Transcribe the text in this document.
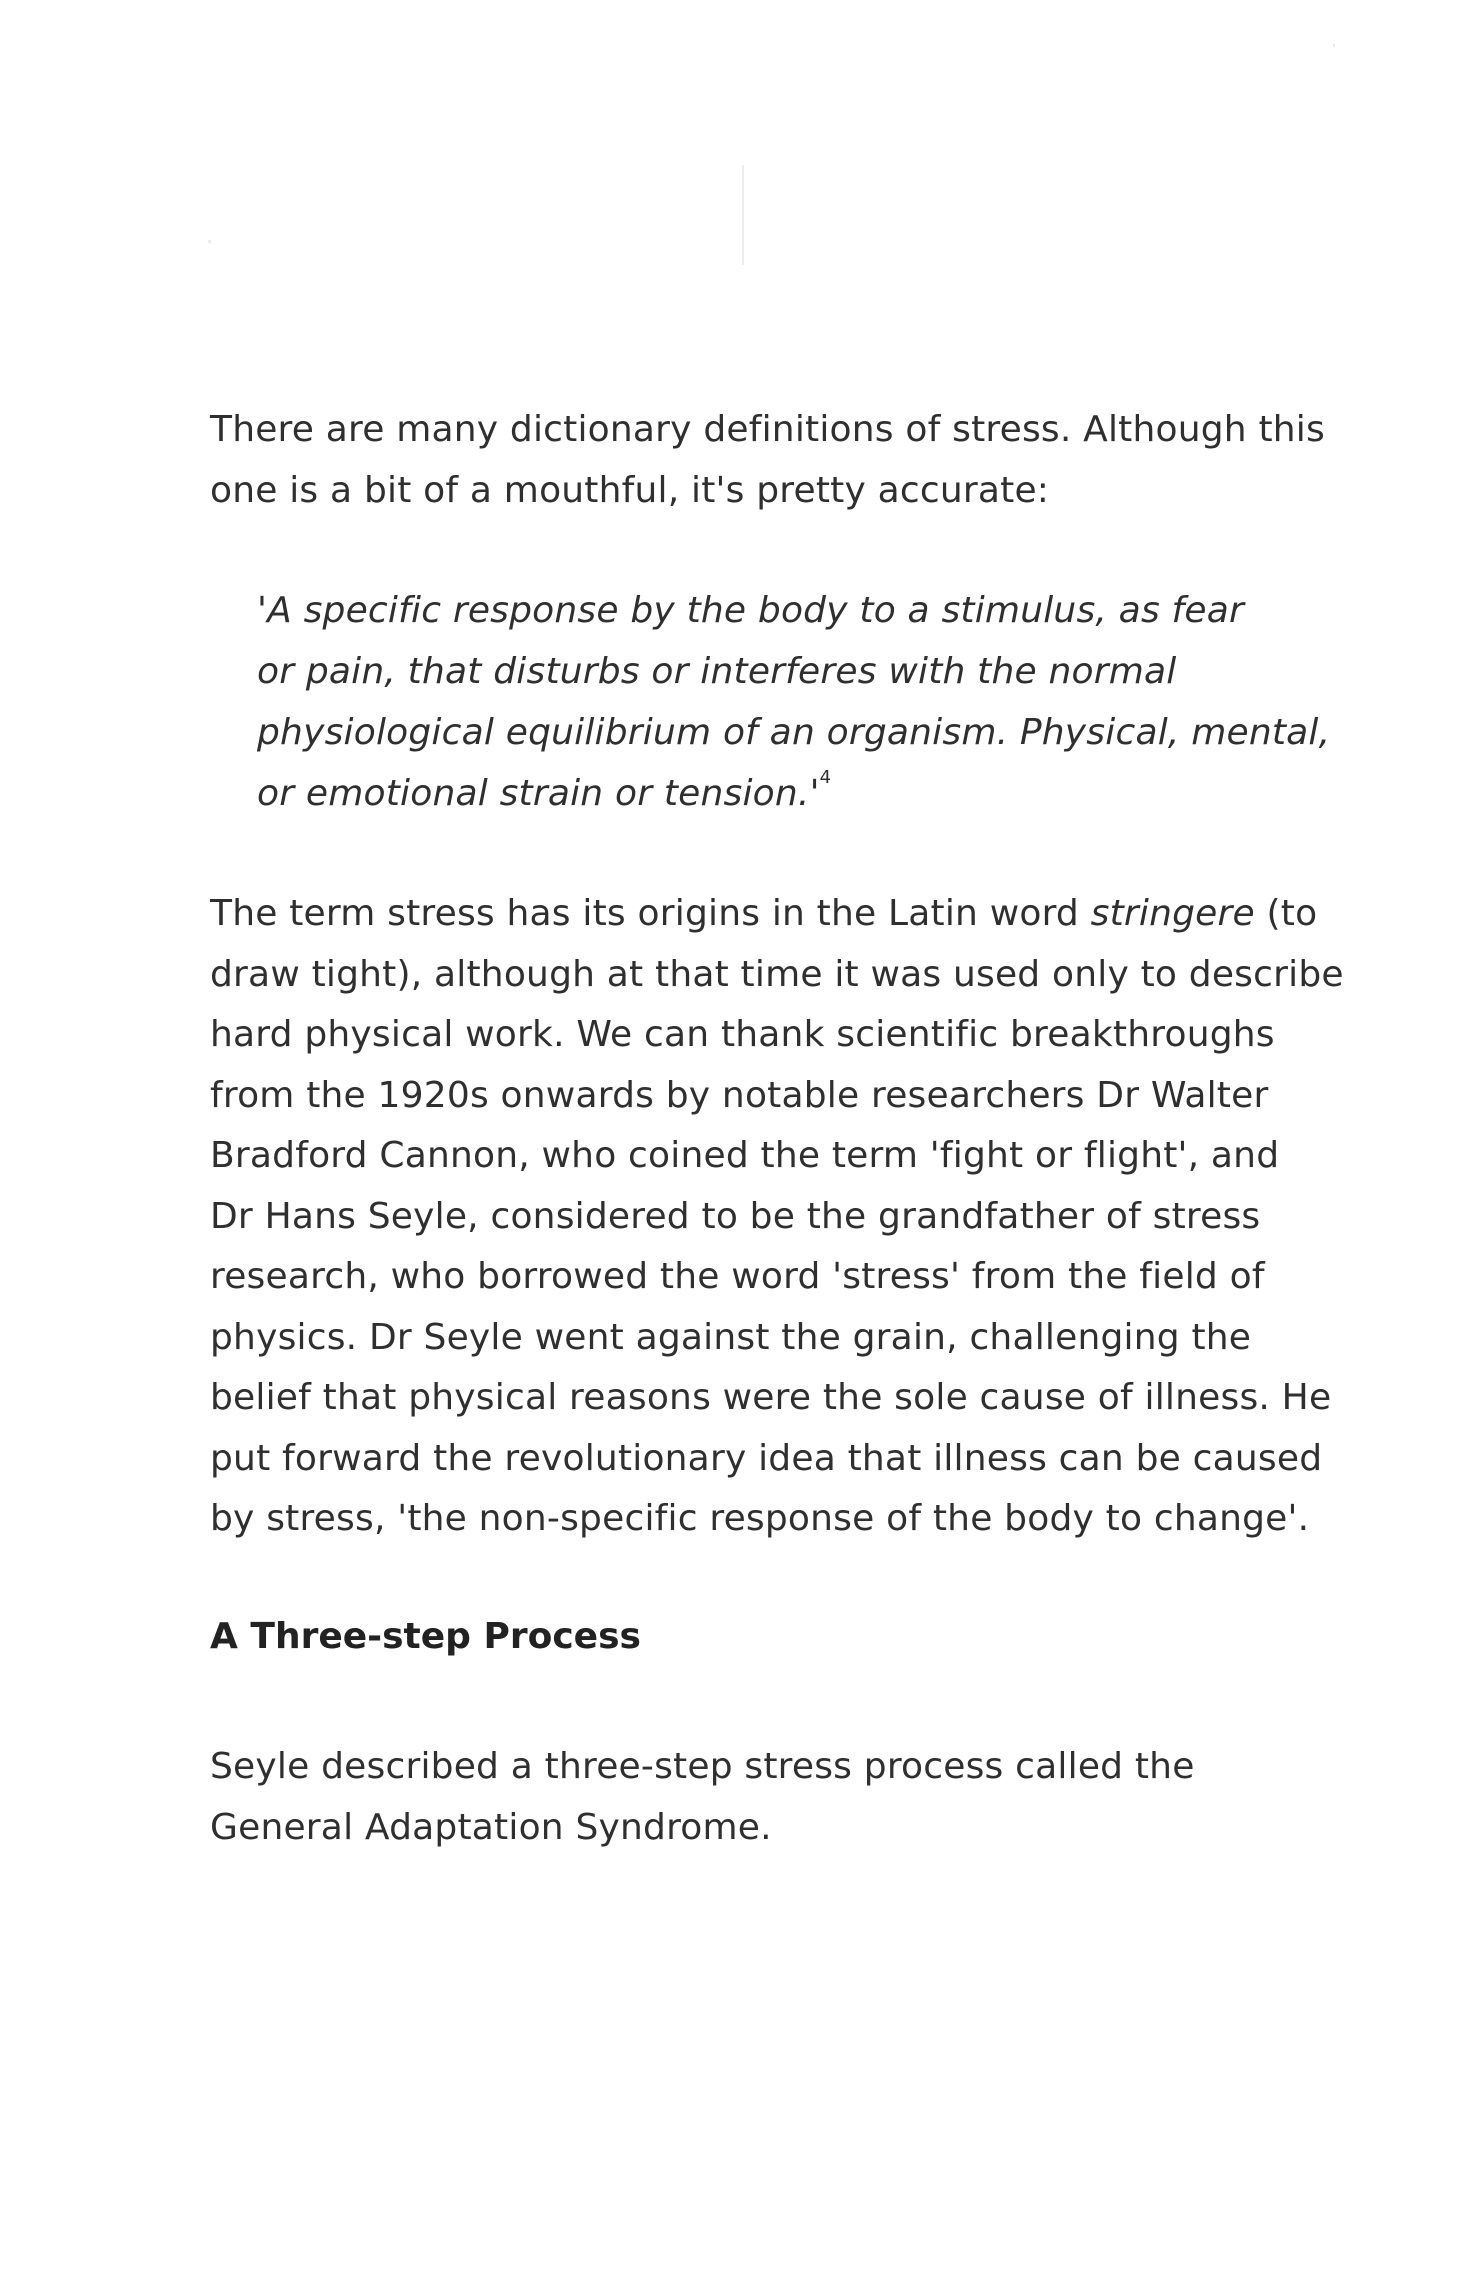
There are many dictionary definitions of stress. Although this
one is a bit of a mouthful, it's pretty accurate:
'A specific response by the body to a stimulus, as fear
or pain, that disturbs or interferes with the normal
physiological equilibrium of an organism. Physical, mental,
or emotional strain or $tension.'^4$
The term stress has its origins in the Latin word stringere (to
draw tight), although at that time it was used only to describe
hard physical work. We can thank scientific breakthroughs
from the 1920s onwards by notable researchers Dr Walter
Bradford Cannon, who coined the term 'fight or flight', and
Dr Hans Seyle, considered to be the grandfather of stress
research, who borrowed the word 'stress' from the field of
physics. Dr Seyle went against the grain, challenging the
belief that physical reasons were the sole cause of illness. He
put forward the revolutionary idea that illness can be caused
by stress, 'the non-specific response of the body to change'.
A Three-step Process
Seyle described a three-step stress process called the
General Adaptation Syndrome.
